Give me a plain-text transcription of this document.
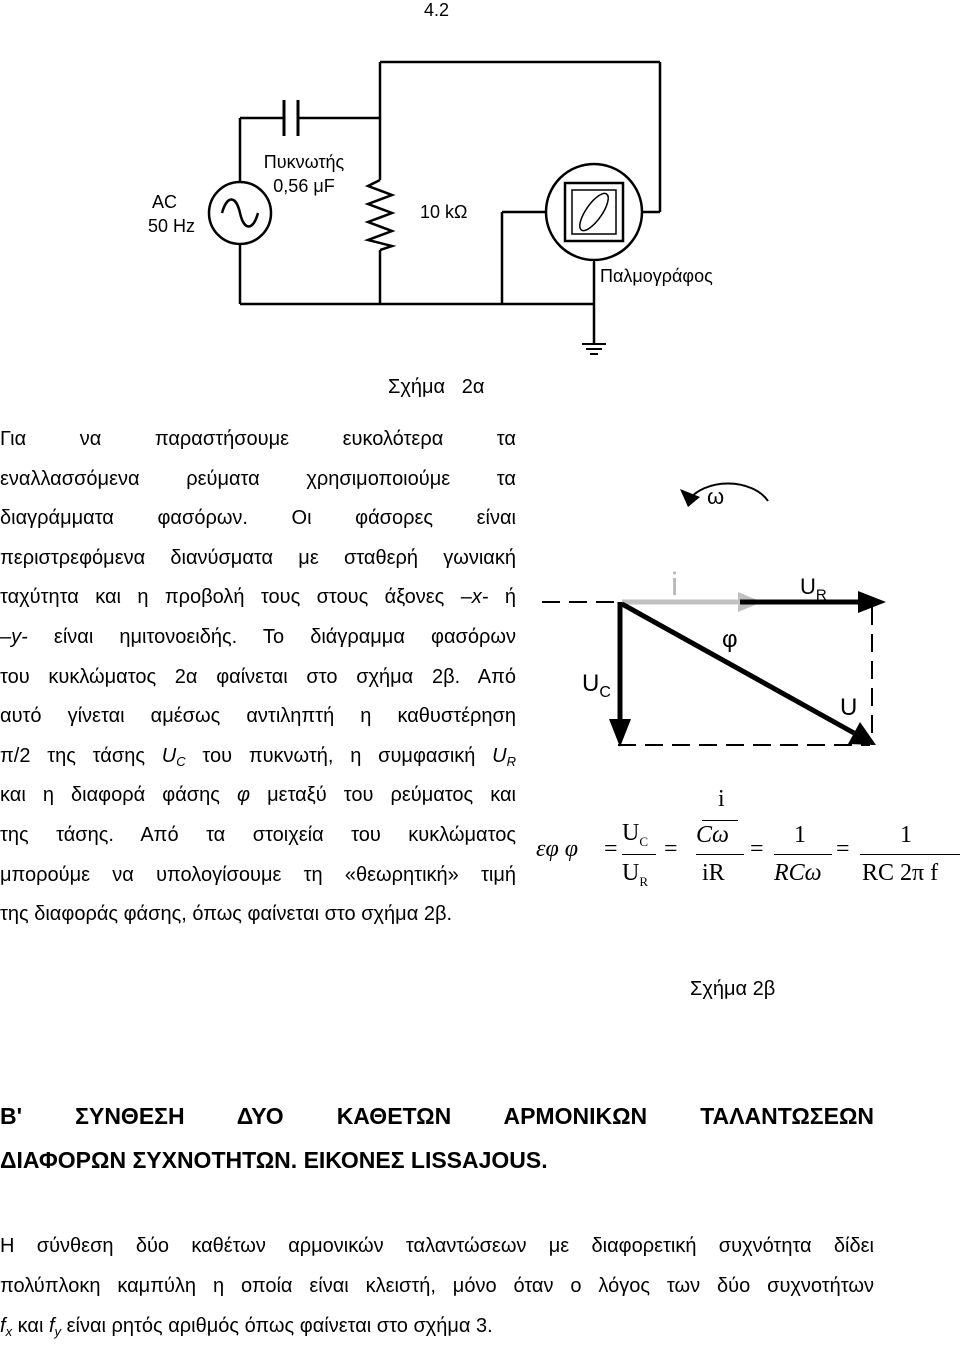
4.2
AC
50 Hz
Πυκνωτής
0,56 μF
10 kΩ
Παλμογράφος
Σχήμα   2α
Για να παραστήσουμε ευκολότερα τα
εναλλασσόμενα ρεύματα χρησιμοποιούμε τα
διαγράμματα φασόρων. Οι φάσορες είναι
περιστρεφόμενα διανύσματα με σταθερή γωνιακή
ταχύτητα και η προβολή τους στους άξονες –x- ή
–y- είναι ημιτονοειδής. Το διάγραμμα φασόρων
του κυκλώματος 2α φαίνεται στο σχήμα 2β. Από
αυτό γίνεται αμέσως αντιληπτή η καθυστέρηση
π/2 της τάσης $U_C$ του πυκνωτή, η συμφασική $U_R$
και η διαφορά φάσης φ μεταξύ του ρεύματος και
της τάσης. Από τα στοιχεία του κυκλώματος
μπορούμε να υπολογίσουμε τη «θεωρητική» τιμή
της διαφοράς φάσης, όπως φαίνεται στο σχήμα 2β.
ω
i	$U_R$
φ
$U_C$
U
εφ φ =
$U_C$
$U_R$
=
i
Cω
iR
=
1
RCω
=
1
RC 2π f
Σχήμα 2β
B' ΣΥΝΘΕΣΗ ΔΥΟ ΚΑΘΕΤΩΝ ΑΡΜΟΝΙΚΩΝ ΤΑΛΑΝΤΩΣΕΩΝ
ΔΙΑΦΟΡΩΝ ΣΥΧΝΟΤΗΤΩΝ. ΕΙΚΟΝΕΣ LISSAJOUS.
Η σύνθεση δύο καθέτων αρμονικών ταλαντώσεων με διαφορετική συχνότητα δίδει
πολύπλοκη καμπύλη η οποία είναι κλειστή, μόνο όταν ο λόγος των δύο συχνοτήτων
$f_x$ και $f_y$ είναι ρητός αριθμός όπως φαίνεται στο σχήμα 3.
